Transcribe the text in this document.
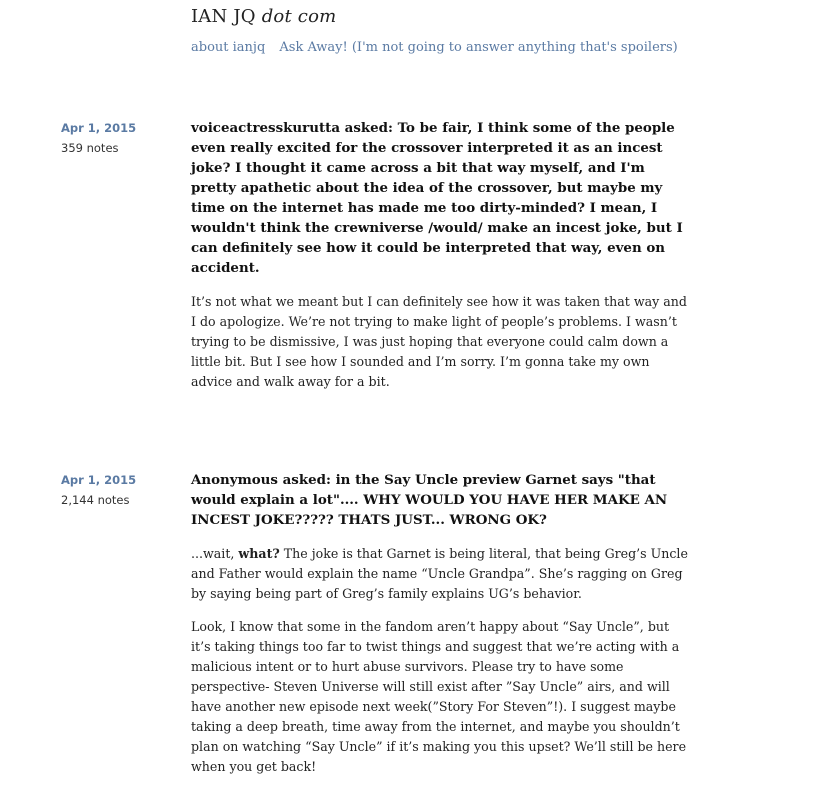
IAN JQ dot com
about ianjq Ask Away! (I'm not going to answer anything that's spoilers)
Apr 1, 2015
359 notes

voiceactresskurutta asked: To be fair, I think some of the people even really excited for the crossover interpreted it as an incest joke? I thought it came across a bit that way myself, and I'm pretty apathetic about the idea of the crossover, but maybe my time on the internet has made me too dirty-minded? I mean, I wouldn't think the crewniverse /would/ make an incest joke, but I can definitely see how it could be interpreted that way, even on accident.

It’s not what we meant but I can definitely see how it was taken that way and I do apologize. We’re not trying to make light of people’s problems. I wasn’t trying to be dismissive, I was just hoping that everyone could calm down a little bit. But I see how I sounded and I’m sorry. I’m gonna take my own advice and walk away for a bit.

Apr 1, 2015
2,144 notes

Anonymous asked: in the Say Uncle preview Garnet says "that would explain a lot".... WHY WOULD YOU HAVE HER MAKE AN INCEST JOKE????? THATS JUST... WRONG OK?

...wait, what? The joke is that Garnet is being literal, that being Greg’s Uncle and Father would explain the name “Uncle Grandpa”. She’s ragging on Greg by saying being part of Greg’s family explains UG’s behavior.

Look, I know that some in the fandom aren’t happy about “Say Uncle”, but it’s taking things too far to twist things and suggest that we’re acting with a malicious intent or to hurt abuse survivors. Please try to have some perspective- Steven Universe will still exist after ”Say Uncle” airs, and will have another new episode next week(”Story For Steven”!). I suggest maybe taking a deep breath, time away from the internet, and maybe you shouldn’t plan on watching “Say Uncle” if it’s making you this upset? We’ll still be here when you get back!
